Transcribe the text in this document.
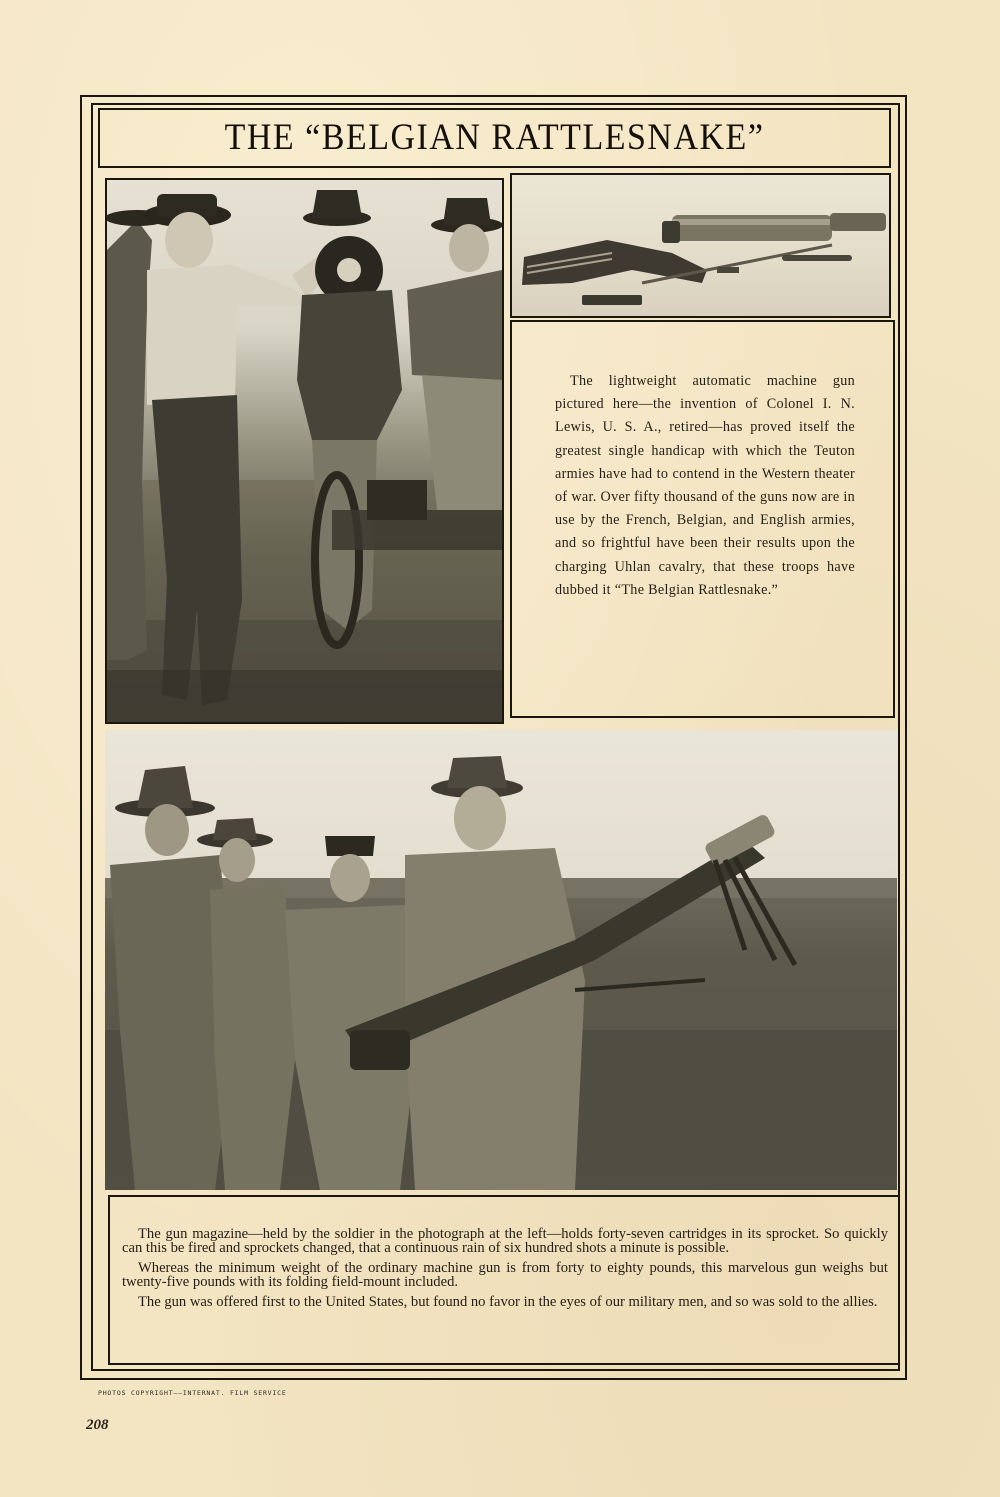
THE “BELGIAN RATTLESNAKE”
The lightweight automatic machine gun pictured here—the invention of Colonel I. N. Lewis, U. S. A., retired—has proved itself the greatest single handicap with which the Teuton armies have had to contend in the Western theater of war. Over fifty thousand of the guns now are in use by the French, Belgian, and English armies, and so frightful have been their results upon the charging Uhlan cavalry, that these troops have dubbed it “The Belgian Rattlesnake.”

The gun magazine—held by the soldier in the photograph at the left—holds forty-seven cartridges in its sprocket. So quickly can this be fired and sprockets changed, that a continuous rain of six hundred shots a minute is possible.

Whereas the minimum weight of the ordinary machine gun is from forty to eighty pounds, this marvelous gun weighs but twenty-five pounds with its folding field-mount included.

The gun was offered first to the United States, but found no favor in the eyes of our military men, and so was sold to the allies.

PHOTOS COPYRIGHT——INTERNAT. FILM SERVICE
208
